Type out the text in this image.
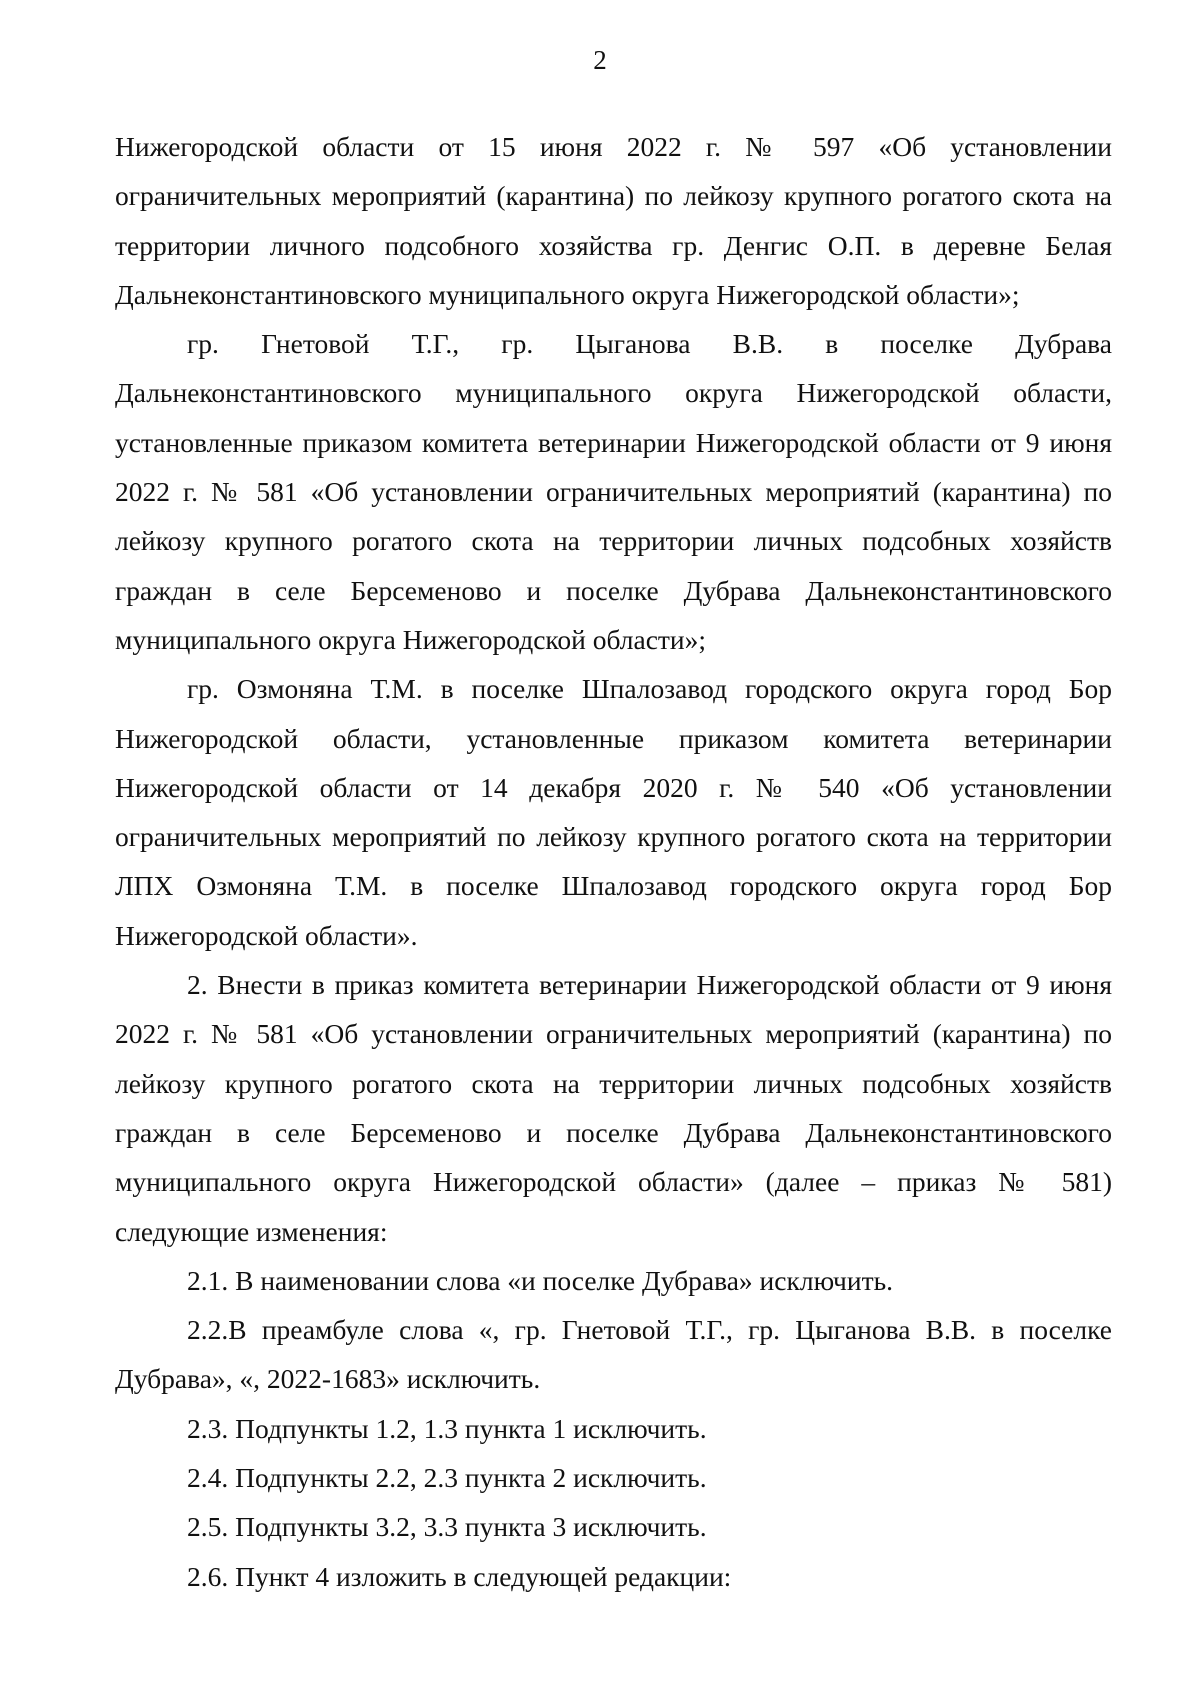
2

Нижегородской области от 15 июня 2022 г. № 597 «Об установлении ограничительных мероприятий (карантина) по лейкозу крупного рогатого скота на территории личного подсобного хозяйства гр. Денгис О.П. в деревне Белая Дальнеконстантиновского муниципального округа Нижегородской области»;

гр. Гнетовой Т.Г., гр. Цыганова В.В. в поселке Дубрава Дальнеконстантиновского муниципального округа Нижегородской области, установленные приказом комитета ветеринарии Нижегородской области от 9 июня 2022 г. № 581 «Об установлении ограничительных мероприятий (карантина) по лейкозу крупного рогатого скота на территории личных подсобных хозяйств граждан в селе Берсеменово и поселке Дубрава Дальнеконстантиновского муниципального округа Нижегородской области»;

гр. Озмоняна Т.М. в поселке Шпалозавод городского округа город Бор Нижегородской области, установленные приказом комитета ветеринарии Нижегородской области от 14 декабря 2020 г. № 540 «Об установлении ограничительных мероприятий по лейкозу крупного рогатого скота на территории ЛПХ Озмоняна Т.М. в поселке Шпалозавод городского округа город Бор Нижегородской области».

2. Внести в приказ комитета ветеринарии Нижегородской области от 9 июня 2022 г. № 581 «Об установлении ограничительных мероприятий (карантина) по лейкозу крупного рогатого скота на территории личных подсобных хозяйств граждан в селе Берсеменово и поселке Дубрава Дальнеконстантиновского муниципального округа Нижегородской области» (далее – приказ № 581) следующие изменения:

2.1. В наименовании слова «и поселке Дубрава» исключить.

2.2.В преамбуле слова «, гр. Гнетовой Т.Г., гр. Цыганова В.В. в поселке Дубрава», «, 2022-1683» исключить.

2.3. Подпункты 1.2, 1.3 пункта 1 исключить.

2.4. Подпункты 2.2, 2.3 пункта 2 исключить.

2.5. Подпункты 3.2, 3.3 пункта 3 исключить.

2.6. Пункт 4 изложить в следующей редакции:
